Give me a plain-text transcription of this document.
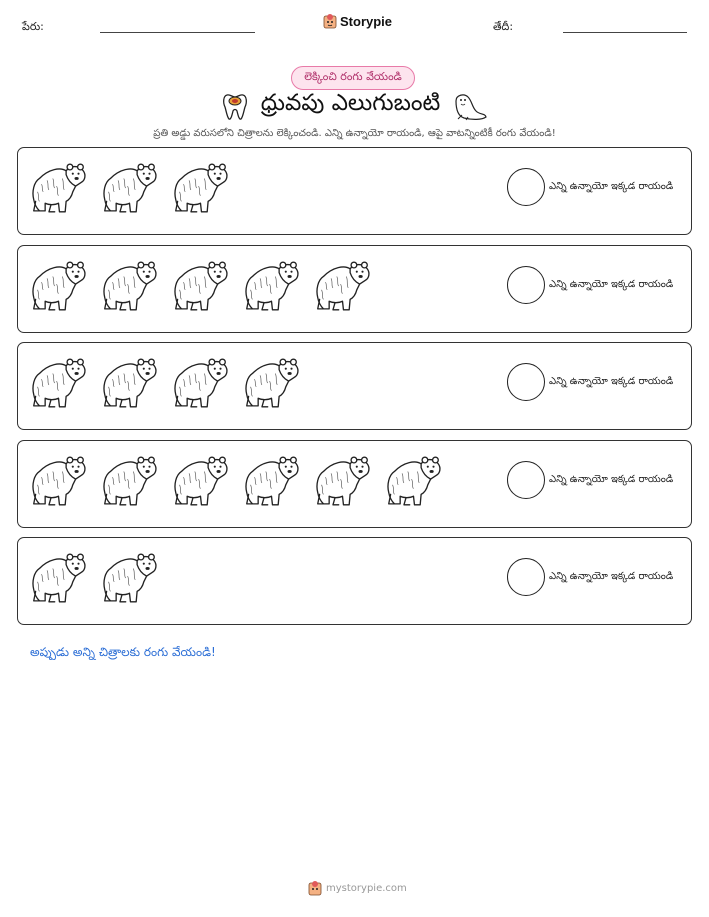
పేరు:	Storypie	తేదీ:
లెక్కించి రంగు వేయండి
ధ్రువపు ఎలుగుబంటి
ప్రతి అడ్డు వరుసలోని చిత్రాలను లెక్కించండి. ఎన్ని ఉన్నాయో రాయండి, ఆపై వాటన్నింటికీ రంగు వేయండి!
ఎన్ని ఉన్నాయో ఇక్కడ రాయండి
ఎన్ని ఉన్నాయో ఇక్కడ రాయండి
ఎన్ని ఉన్నాయో ఇక్కడ రాయండి
ఎన్ని ఉన్నాయో ఇక్కడ రాయండి
ఎన్ని ఉన్నాయో ఇక్కడ రాయండి
అప్పుడు అన్ని చిత్రాలకు రంగు వేయండి!
mystorypie.com
